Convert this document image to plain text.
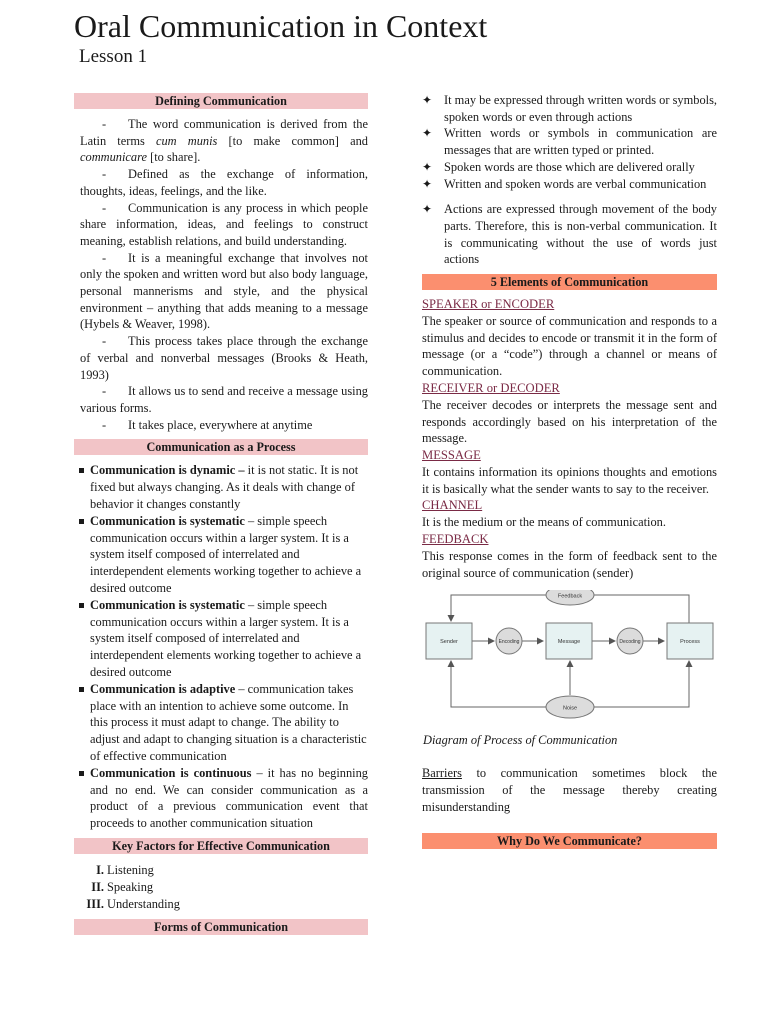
Oral Communication in Context
Lesson 1
Defining Communication

- The word communication is derived from the Latin terms cum munis [to make common] and communicare [to share].

- Defined as the exchange of information, thoughts, ideas, feelings, and the like.

- Communication is any process in which people share information, ideas, and feelings to construct meaning, establish relations, and build understanding.

- It is a meaningful exchange that involves not only the spoken and written word but also body language, personal mannerisms and style, and the physical environment – anything that adds meaning to a message (Hybels & Weaver, 1998).

- This process takes place through the exchange of verbal and nonverbal messages (Brooks & Heath, 1993)

- It allows us to send and receive a message using various forms.

- It takes place, everywhere at anytime

Communication as a Process
Communication is dynamic – it is not static. It is not fixed but always changing. As it deals with change of behavior it changes constantly
Communication is systematic – simple speech communication occurs within a larger system. It is a system itself composed of interrelated and interdependent elements working together to achieve a desired outcome
Communication is systematic – simple speech communication occurs within a larger system. It is a system itself composed of interrelated and interdependent elements working together to achieve a desired outcome
Communication is adaptive – communication takes place with an intention to achieve some outcome. In this process it must adapt to change. The ability to adjust and adapt to changing situation is a characteristic of effective communication
Communication is continuous – it has no beginning and no end. We can consider communication as a product of a previous communication event that proceeds to another communication situation
Key Factors for Effective Communication
I. Listening
II. Speaking
III. Understanding
Forms of Communication
✦ It may be expressed through written words or symbols, spoken words or even through actions
✦ Written words or symbols in communication are messages that are written typed or printed.
✦ Spoken words are those which are delivered orally
✦ Written and spoken words are verbal communication
✦ Actions are expressed through movement of the body parts. Therefore, this is non-verbal communication. It is communicating without the use of words just actions
5 Elements of Communication
SPEAKER or ENCODER
The speaker or source of communication and responds to a stimulus and decides to encode or transmit it in the form of message (or a “code”) through a channel or means of communication.
RECEIVER or DECODER
The receiver decodes or interprets the message sent and responds accordingly based on his interpretation of the message.
MESSAGE
It contains information its opinions thoughts and emotions it is basically what the sender wants to say to the receiver.
CHANNEL
It is the medium or the means of communication.
FEEDBACK
This response comes in the form of feedback sent to the original source of communication (sender)
Feedback
Sender	Encoding	Message	Decoding	Process
Noise
Diagram of Process of Communication

Barriers to communication sometimes block the transmission of the message thereby creating misunderstanding

Why Do We Communicate?
